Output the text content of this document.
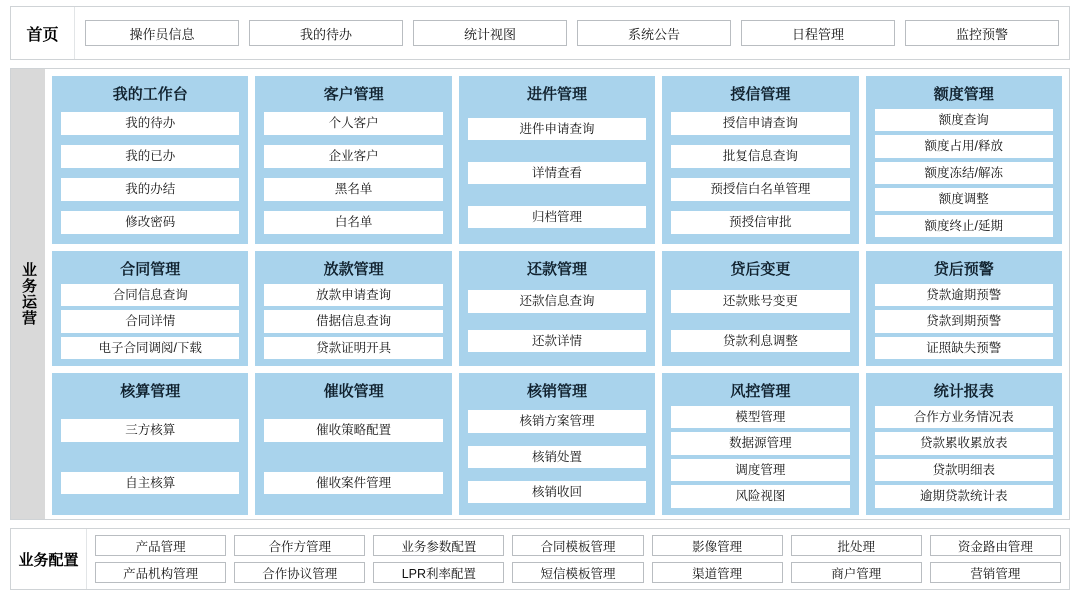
首页	操作员信息	我的待办	统计视图	系统公告	日程管理	监控预警
业务运营
我的工作台
我的待办
我的已办
我的办结
修改密码
客户管理
个人客户
企业客户
黑名单
白名单
进件管理
进件申请查询
详情查看
归档管理
授信管理
授信申请查询
批复信息查询
预授信白名单管理
预授信审批
额度管理
额度查询
额度占用/释放
额度冻结/解冻
额度调整
额度终止/延期
合同管理
合同信息查询
合同详情
电子合同调阅/下载
放款管理
放款申请查询
借据信息查询
贷款证明开具
还款管理
还款信息查询
还款详情
贷后变更
还款账号变更
贷款利息调整
贷后预警
贷款逾期预警
贷款到期预警
证照缺失预警
核算管理
三方核算
自主核算
催收管理
催收策略配置
催收案件管理
核销管理
核销方案管理
核销处置
核销收回
风控管理
模型管理
数据源管理
调度管理
风险视图
统计报表
合作方业务情况表
贷款累收累放表
贷款明细表
逾期贷款统计表
业务配置
产品管理	合作方管理	业务参数配置	合同模板管理	影像管理	批处理	资金路由管理
产品机构管理	合作协议管理	LPR利率配置	短信模板管理	渠道管理	商户管理	营销管理
